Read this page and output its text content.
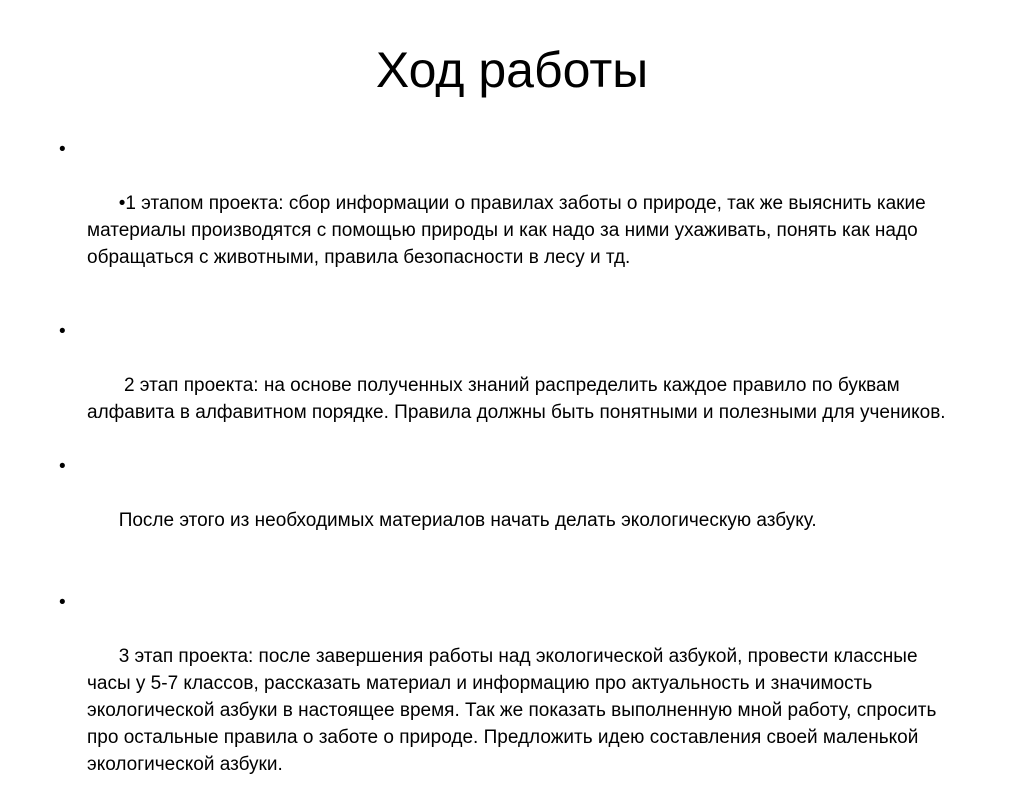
Ход работы

•

•1 этапом проекта: сбор информации о правилах заботы о природе, так же выяснить какие материалы производятся с помощью природы и как надо за ними ухаживать, понять как надо обращаться с животными, правила безопасности в лесу и тд.

•

2 этап проекта: на основе полученных знаний распределить каждое правило по буквам алфавита в алфавитном порядке. Правила должны быть понятными и полезными для учеников.

•

После этого из необходимых материалов начать делать экологическую азбуку.

•

3 этап проекта: после завершения работы над экологической азбукой, провести классные часы у 5-7 классов, рассказать материал и информацию про актуальность и значимость экологической азбуки в настоящее время. Так же показать выполненную мной работу, спросить про остальные правила о заботе о природе. Предложить идею составления своей маленькой экологической азбуки.
